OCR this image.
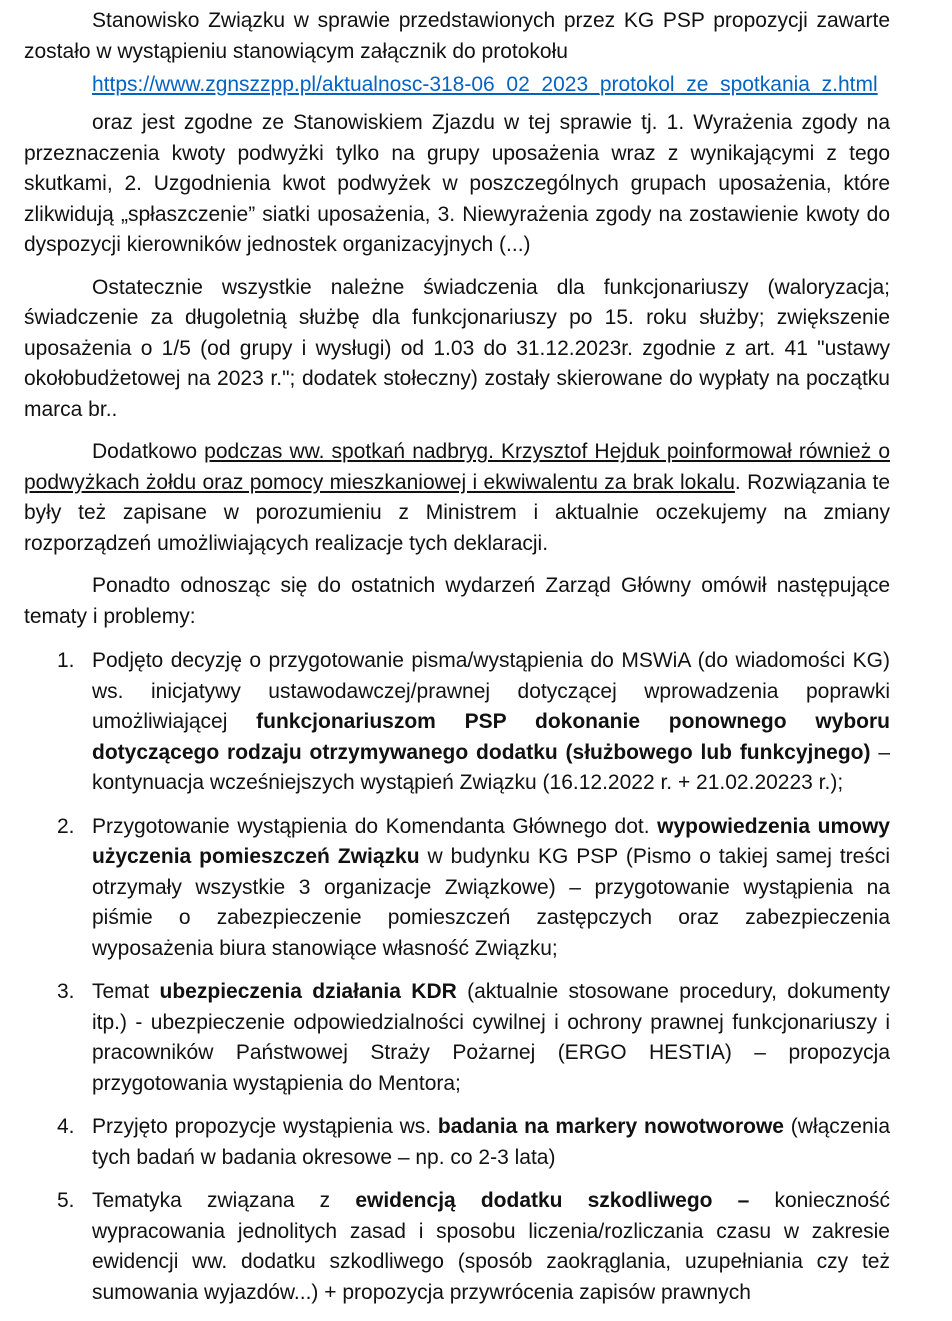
Stanowisko Związku w sprawie przedstawionych przez KG PSP propozycji zawarte zostało w wystąpieniu stanowiącym załącznik do protokołu

https://www.zgnszzpp.pl/aktualnosc-318-06_02_2023_protokol_ze_spotkania_z.html

oraz jest zgodne ze Stanowiskiem Zjazdu w tej sprawie tj. 1. Wyrażenia zgody na przeznaczenia kwoty podwyżki tylko na grupy uposażenia wraz z wynikającymi z tego skutkami, 2. Uzgodnienia kwot podwyżek w poszczególnych grupach uposażenia, które zlikwidują „spłaszczenie” siatki uposażenia, 3. Niewyrażenia zgody na zostawienie kwoty do dyspozycji kierowników jednostek organizacyjnych (...)

Ostatecznie wszystkie należne świadczenia dla funkcjonariuszy (waloryzacja; świadczenie za długoletnią służbę dla funkcjonariuszy po 15. roku służby; zwiększenie uposażenia o 1/5 (od grupy i wysługi) od 1.03 do 31.12.2023r. zgodnie z art. 41 "ustawy okołobudżetowej na 2023 r."; dodatek stołeczny) zostały skierowane do wypłaty na początku marca br..

Dodatkowo podczas ww. spotkań nadbryg. Krzysztof Hejduk poinformował również o podwyżkach żołdu oraz pomocy mieszkaniowej i ekwiwalentu za brak lokalu. Rozwiązania te były też zapisane w porozumieniu z Ministrem i aktualnie oczekujemy na zmiany rozporządzeń umożliwiających realizacje tych deklaracji.

Ponadto odnosząc się do ostatnich wydarzeń Zarząd Główny omówił następujące tematy i problemy:

1. Podjęto decyzję o przygotowanie pisma/wystąpienia do MSWiA (do wiadomości KG) ws. inicjatywy ustawodawczej/prawnej dotyczącej wprowadzenia poprawki umożliwiającej funkcjonariuszom PSP dokonanie ponownego wyboru dotyczącego rodzaju otrzymywanego dodatku (służbowego lub funkcyjnego) – kontynuacja wcześniejszych wystąpień Związku (16.12.2022 r. + 21.02.20223 r.);
2. Przygotowanie wystąpienia do Komendanta Głównego dot. wypowiedzenia umowy użyczenia pomieszczeń Związku w budynku KG PSP (Pismo o takiej samej treści otrzymały wszystkie 3 organizacje Związkowe) – przygotowanie wystąpienia na piśmie o zabezpieczenie pomieszczeń zastępczych oraz zabezpieczenia wyposażenia biura stanowiące własność Związku;
3. Temat ubezpieczenia działania KDR (aktualnie stosowane procedury, dokumenty itp.) - ubezpieczenie odpowiedzialności cywilnej i ochrony prawnej funkcjonariuszy i pracowników Państwowej Straży Pożarnej (ERGO HESTIA) – propozycja przygotowania wystąpienia do Mentora;
4. Przyjęto propozycje wystąpienia ws. badania na markery nowotworowe (włączenia tych badań w badania okresowe – np. co 2-3 lata)
5. Tematyka związana z ewidencją dodatku szkodliwego – konieczność wypracowania jednolitych zasad i sposobu liczenia/rozliczania czasu w zakresie ewidencji ww. dodatku szkodliwego (sposób zaokrąglania, uzupełniania czy też sumowania wyjazdów...) + propozycja przywrócenia zapisów prawnych
